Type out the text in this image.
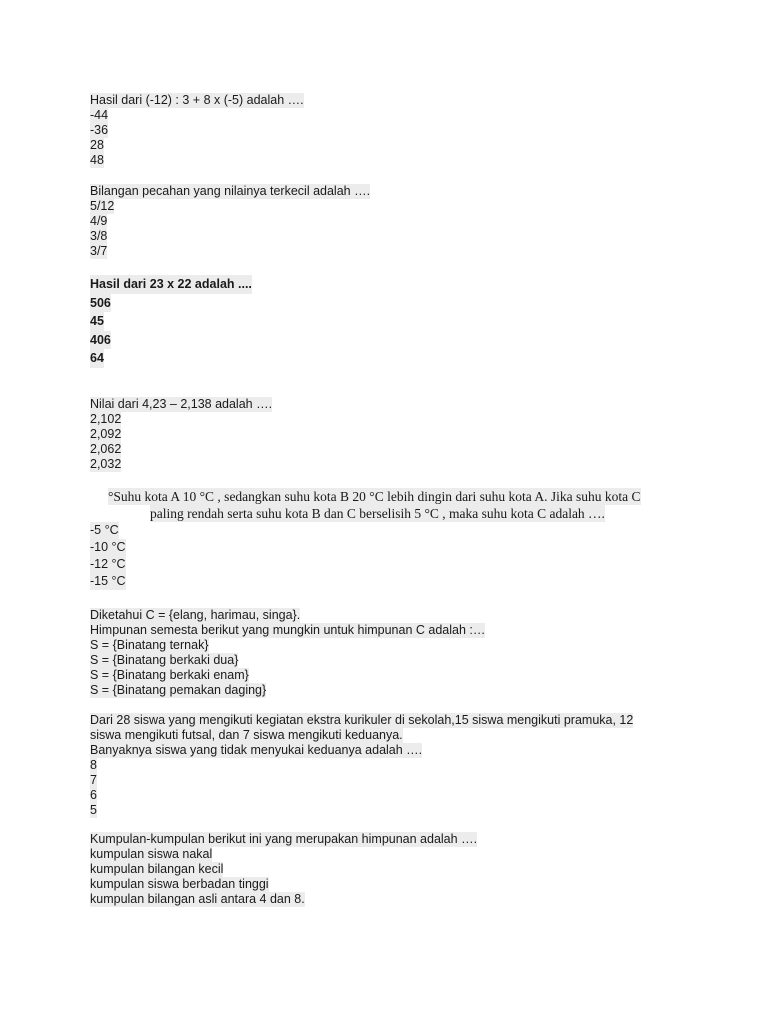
Hasil dari (-12) : 3 + 8 x (-5) adalah ….
-44
-36
28
48
Bilangan pecahan yang nilainya terkecil adalah ….
5/12
4/9
3/8
3/7
Hasil dari 23 x 22 adalah ....
506
45
406
64
Nilai dari 4,23 – 2,138 adalah ….
2,102
2,092
2,062
2,032
°Suhu kota A 10 °C , sedangkan suhu kota B 20 °C lebih dingin dari suhu kota A. Jika suhu kota C
paling rendah serta suhu kota B dan C berselisih 5 °C , maka suhu kota C adalah ….
-5 °C
-10 °C
-12 °C
-15 °C
Diketahui C = {elang, harimau, singa}.
Himpunan semesta berikut yang mungkin untuk himpunan C adalah :…
S = {Binatang ternak}
S = {Binatang berkaki dua}
S = {Binatang berkaki enam}
S = {Binatang pemakan daging}
Dari 28 siswa yang mengikuti kegiatan ekstra kurikuler di sekolah,15 siswa mengikuti pramuka, 12
siswa mengikuti futsal, dan 7 siswa mengikuti keduanya.
Banyaknya siswa yang tidak menyukai keduanya adalah ….
8
7
6
5
Kumpulan-kumpulan berikut ini yang merupakan himpunan adalah ….
kumpulan siswa nakal
kumpulan bilangan kecil
kumpulan siswa berbadan tinggi
kumpulan bilangan asli antara 4 dan 8.
